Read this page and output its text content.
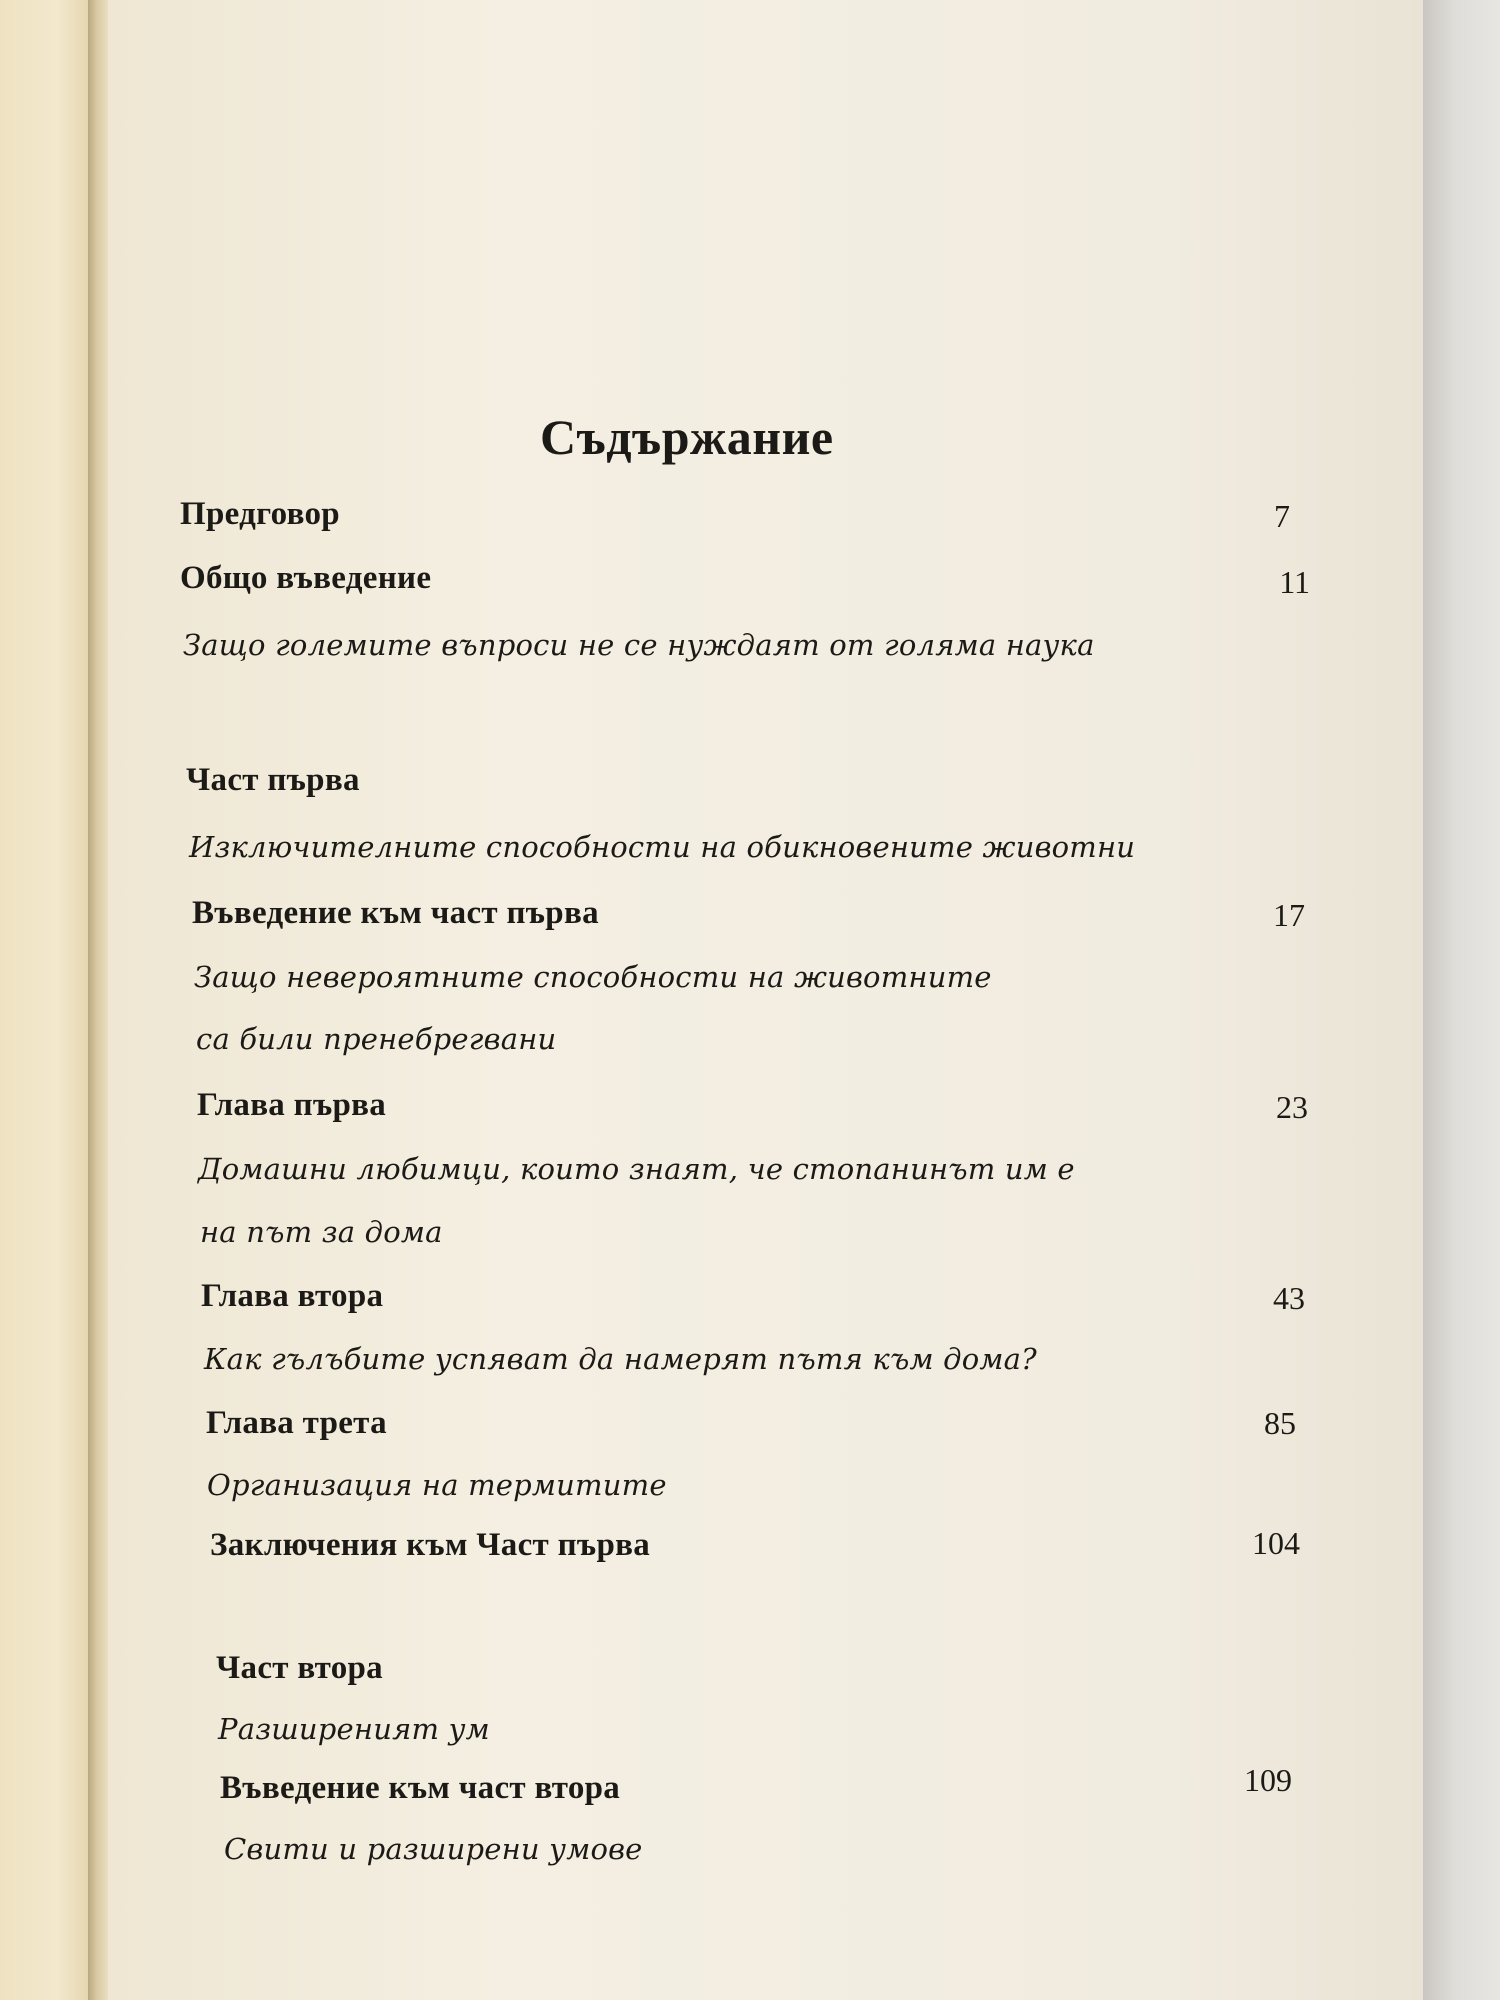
Съдържание
Предговор	7
Общо въведение	11
Защо големите въпроси не се нуждаят от голяма наука
Част първа
Изключителните способности на обикновените животни
Въведение към част първа	17
Защо невероятните способности на животните
са били пренебрегвани
Глава първа	23
Домашни любимци, които знаят, че стопанинът им е
на път за дома
Глава втора	43
Как гълъбите успяват да намерят пътя към дома?
Глава трета	85
Организация на термитите
Заключения към Част първа	104
Част втора
Разширеният ум
Въведение към част втора	109
Свити и разширени умове
